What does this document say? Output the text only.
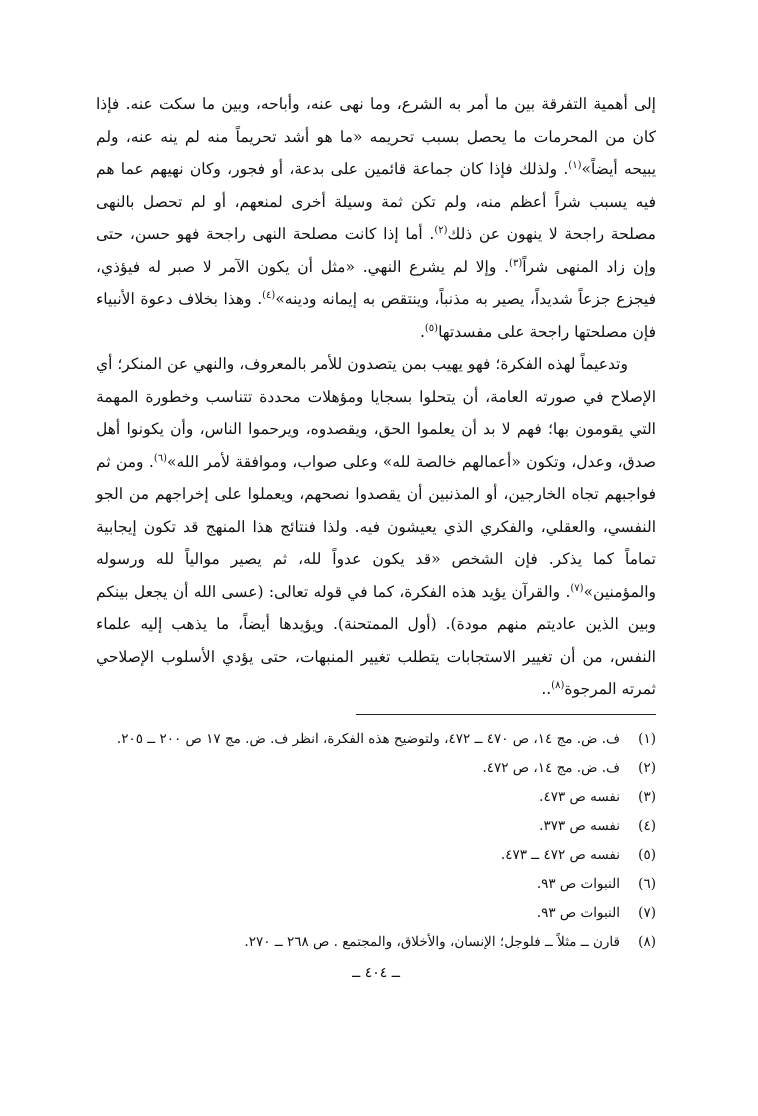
إلى أهمية التفرقة بين ما أمر به الشرع، وما نهى عنه، وأباحه، وبين ما سكت عنه. فإذا كان من المحرمات ما يحصل بسبب تحريمه «ما هو أشد تحريماً منه لم ينه عنه، ولم يبيحه أيضاً»$^{(١)}$. ولذلك فإذا كان جماعة قائمين على بدعة، أو فجور، وكان نهيهم عما هم فيه يسبب شراً أعظم منه، ولم تكن ثمة وسيلة أخرى لمنعهم، أو لم تحصل بالنهى مصلحة راجحة لا ينهون عن ذلك$^{(٢)}$. أما إذا كانت مصلحة النهى راجحة فهو حسن، حتى وإن زاد المنهى شراً$^{(٣)}$. وإلا لم يشرع النهي. «مثل أن يكون الآمر لا صبر له فيؤذي، فيجزع جزعاً شديداً، يصير به مذنباً، وينتقص به إيمانه ودينه»$^{(٤)}$. وهذا بخلاف دعوة الأنبياء فإن مصلحتها راجحة على مفسدتها$^{(٥)}$.

وتدعيماً لهذه الفكرة؛ فهو يهيب بمن يتصدون للأمر بالمعروف، والنهي عن المنكر؛ أي الإصلاح في صورته العامة، أن يتحلوا بسجايا ومؤهلات محددة تتناسب وخطورة المهمة التي يقومون بها؛ فهم لا بد أن يعلموا الحق، ويقصدوه، ويرحموا الناس، وأن يكونوا أهل صدق، وعدل، وتكون «أعمالهم خالصة لله» وعلى صواب، وموافقة لأمر الله»$^{(٦)}$. ومن ثم فواجبهم تجاه الخارجين، أو المذنبين أن يقصدوا نصحهم، ويعملوا على إخراجهم من الجو النفسي، والعقلي، والفكري الذي يعيشون فيه. ولذا فنتائج هذا المنهج قد تكون إيجابية تماماً كما يذكر. فإن الشخص «قد يكون عدواً لله، ثم يصير موالياً لله ورسوله والمؤمنين»$^{(٧)}$. والقرآن يؤيد هذه الفكرة، كما في قوله تعالى: (عسى الله أن يجعل بينكم وبين الذين عاديتم منهم مودة). (أول الممتحنة). ويؤيدها أيضاً، ما يذهب إليه علماء النفس، من أن تغيير الاستجابات يتطلب تغيير المنبهات، حتى يؤدي الأسلوب الإصلاحي ثمرته المرجوة$^{(٨)}$..

(١)
ف. ض. مج ١٤، ص ٤٧٠ ــ ٤٧٢، ولتوضيح هذه الفكرة، انظر ف. ض. مج ١٧ ص ٢٠٠ ــ ٢٠٥.
(٢)
ف. ض. مج ١٤، ص ٤٧٢.
(٣)
نفسه ص ٤٧٣.
(٤)
نفسه ص ٣٧٣.
(٥)
نفسه ص ٤٧٢ ــ ٤٧٣.
(٦)
النبوات ص ٩٣.
(٧)
النبوات ص ٩٣.
(٨)
قارن ــ مثلاً ــ فلوجل؛ الإنسان، والأخلاق، والمجتمع . ص ٢٦٨ ــ ٢٧٠.
ــ ٤٠٤ ــ
